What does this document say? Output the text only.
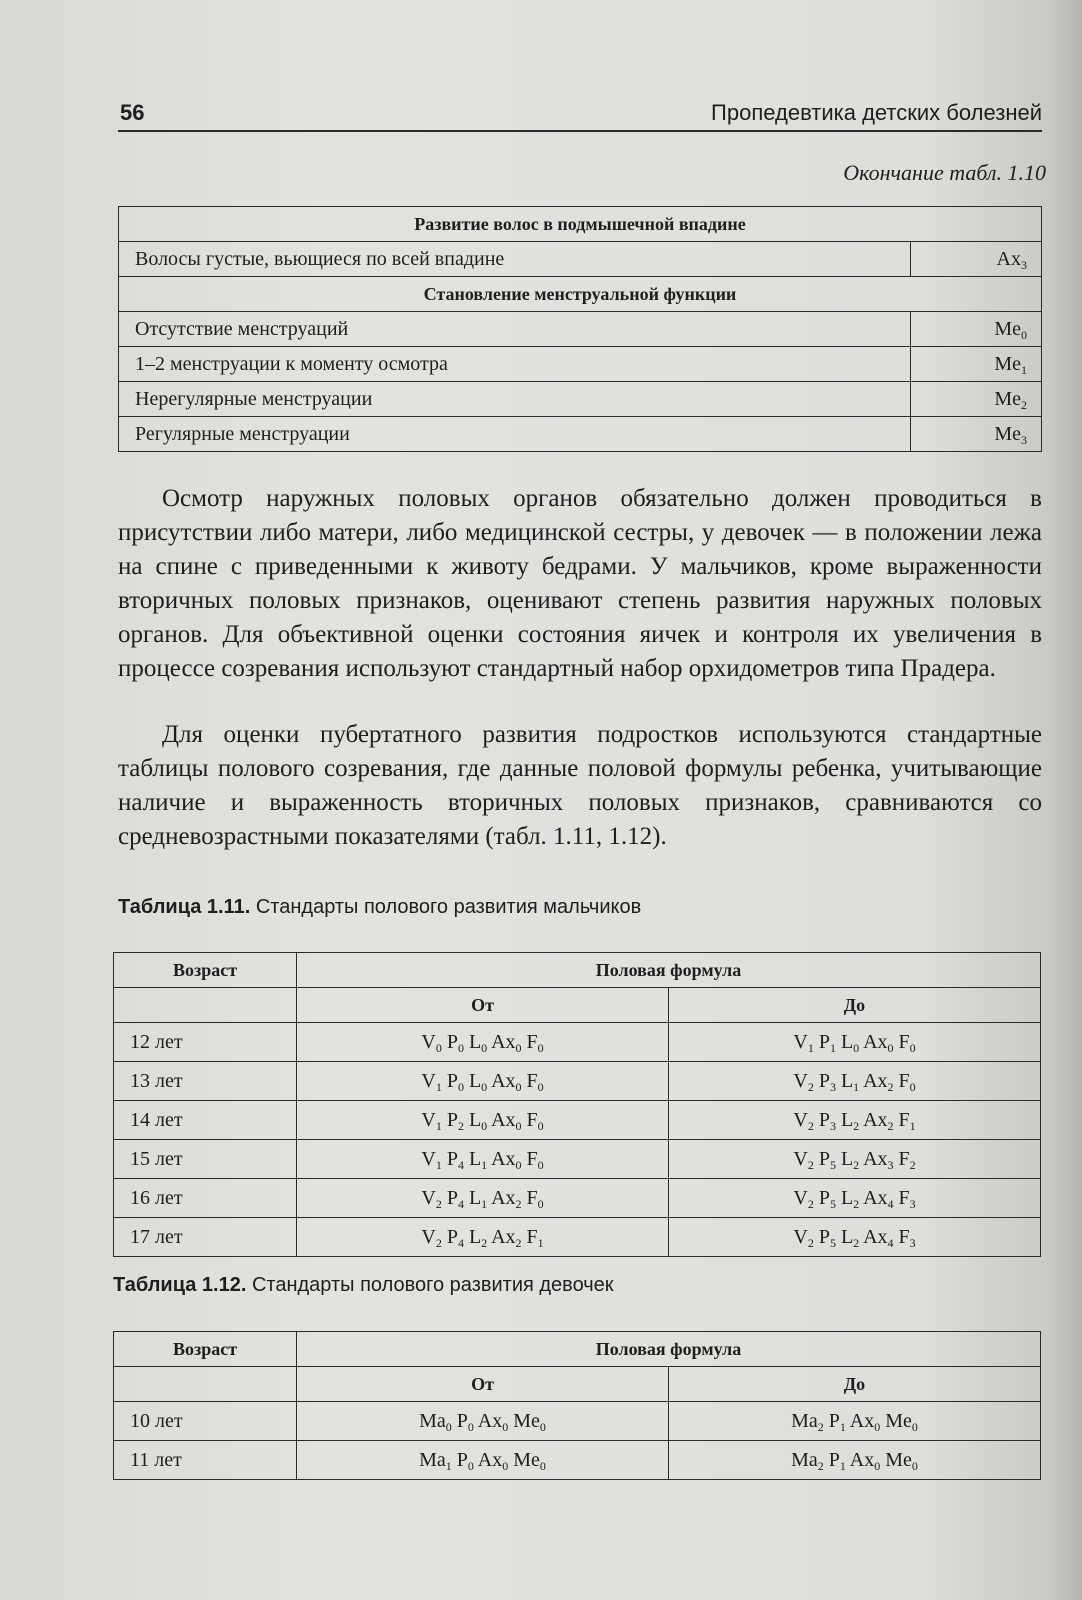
56	Пропедевтика детских болезней
Окончание табл. 1.10
Развитие волос в подмышечной впадине	
Волосы густые, вьющиеся по всей впадине	$Ax_3$
Становление менструальной функции	
Отсутствие менструаций	$Me_0$
1–2 менструации к моменту осмотра	$Me_1$
Нерегулярные менструации	$Me_2$
Регулярные менструации	$Me_3$

Осмотр наружных половых органов обязательно должен проводиться в присутствии либо матери, либо медицинской сестры, у девочек — в положении лежа на спине с приведенными к животу бедрами. У мальчиков, кроме выраженности вторичных половых признаков, оценивают степень развития наружных половых органов. Для объективной оценки состояния яичек и контроля их увеличения в процессе созревания используют стандартный набор орхидометров типа Прадера.

Для оценки пубертатного развития подростков используются стандартные таблицы полового созревания, где данные половой формулы ребенка, учитывающие наличие и выраженность вторичных половых признаков, сравниваются со средневозрастными показателями (табл. 1.11, 1.12).

Таблица 1.11. Стандарты полового развития мальчиков
Возраст	Половая формула	
	От	До
12 лет	$V_0$ $P_0$ $L_0$ $Ax_0$ $F_0$	$V_1$ $P_1$ $L_0$ $Ax_0$ $F_0$
13 лет	$V_1$ $P_0$ $L_0$ $Ax_0$ $F_0$	$V_2$ $P_3$ $L_1$ $Ax_2$ $F_0$
14 лет	$V_1$ $P_2$ $L_0$ $Ax_0$ $F_0$	$V_2$ $P_3$ $L_2$ $Ax_2$ $F_1$
15 лет	$V_1$ $P_4$ $L_1$ $Ax_0$ $F_0$	$V_2$ $P_5$ $L_2$ $Ax_3$ $F_2$
16 лет	$V_2$ $P_4$ $L_1$ $Ax_2$ $F_0$	$V_2$ $P_5$ $L_2$ $Ax_4$ $F_3$
17 лет	$V_2$ $P_4$ $L_2$ $Ax_2$ $F_1$	$V_2$ $P_5$ $L_2$ $Ax_4$ $F_3$
Таблица 1.12. Стандарты полового развития девочек
Возраст	Половая формула	
	От	До
10 лет	$Ma_0$ $P_0$ $Ax_0$ $Me_0$	$Ma_2$ $P_1$ $Ax_0$ $Me_0$
11 лет	$Ma_1$ $P_0$ $Ax_0$ $Me_0$	$Ma_2$ $P_1$ $Ax_0$ $Me_0$
